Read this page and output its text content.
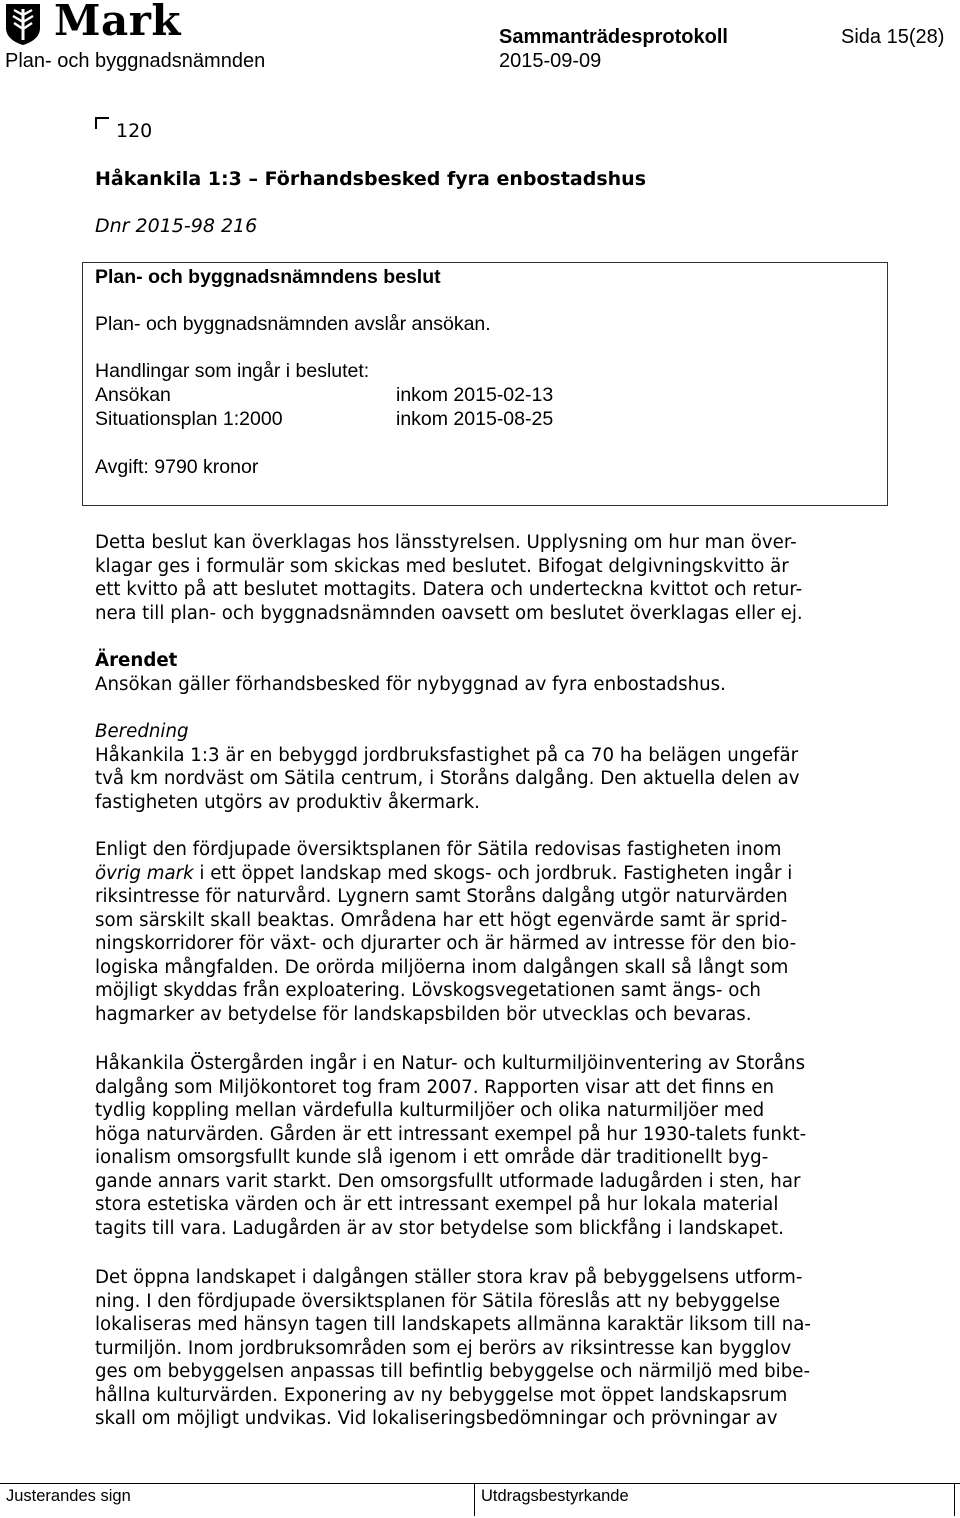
Mark
Plan- och byggnadsnämnden
Sammanträdesprotokoll	Sida 15(28)
2015-09-09
120
Håkankila 1:3 – Förhandsbesked fyra enbostadshus
Dnr 2015-98 216
Plan- och byggnadsnämndens beslut
Plan- och byggnadsnämnden avslår ansökan.
Handlingar som ingår i beslutet:
Ansökan	inkom 2015-02-13
Situationsplan 1:2000	inkom 2015-08-25
Avgift: 9790 kronor
Detta beslut kan överklagas hos länsstyrelsen. Upplysning om hur man över-
klagar ges i formulär som skickas med beslutet. Bifogat delgivningskvitto är
ett kvitto på att beslutet mottagits. Datera och underteckna kvittot och retur-
nera till plan- och byggnadsnämnden oavsett om beslutet överklagas eller ej.
Ärendet
Ansökan gäller förhandsbesked för nybyggnad av fyra enbostadshus.
Beredning
Håkankila 1:3 är en bebyggd jordbruksfastighet på ca 70 ha belägen ungefär
två km nordväst om Sätila centrum, i Storåns dalgång. Den aktuella delen av
fastigheten utgörs av produktiv åkermark.
Enligt den fördjupade översiktsplanen för Sätila redovisas fastigheten inom
övrig mark i ett öppet landskap med skogs- och jordbruk. Fastigheten ingår i
riksintresse för naturvård. Lygnern samt Storåns dalgång utgör naturvärden
som särskilt skall beaktas. Områdena har ett högt egenvärde samt är sprid-
ningskorridorer för växt- och djurarter och är härmed av intresse för den bio-
logiska mångfalden. De orörda miljöerna inom dalgången skall så långt som
möjligt skyddas från exploatering. Lövskogsvegetationen samt ängs- och
hagmarker av betydelse för landskapsbilden bör utvecklas och bevaras.
Håkankila Östergården ingår i en Natur- och kulturmiljöinventering av Storåns
dalgång som Miljökontoret tog fram 2007. Rapporten visar att det finns en
tydlig koppling mellan värdefulla kulturmiljöer och olika naturmiljöer med
höga naturvärden. Gården är ett intressant exempel på hur 1930-talets funkt-
ionalism omsorgsfullt kunde slå igenom i ett område där traditionellt byg-
gande annars varit starkt. Den omsorgsfullt utformade ladugården i sten, har
stora estetiska värden och är ett intressant exempel på hur lokala material
tagits till vara. Ladugården är av stor betydelse som blickfång i landskapet.
Det öppna landskapet i dalgången ställer stora krav på bebyggelsens utform-
ning. I den fördjupade översiktsplanen för Sätila föreslås att ny bebyggelse
lokaliseras med hänsyn tagen till landskapets allmänna karaktär liksom till na-
turmiljön. Inom jordbruksområden som ej berörs av riksintresse kan bygglov
ges om bebyggelsen anpassas till befintlig bebyggelse och närmiljö med bibe-
hållna kulturvärden. Exponering av ny bebyggelse mot öppet landskapsrum
skall om möjligt undvikas. Vid lokaliseringsbedömningar och prövningar av
Justerandes sign	Utdragsbestyrkande
